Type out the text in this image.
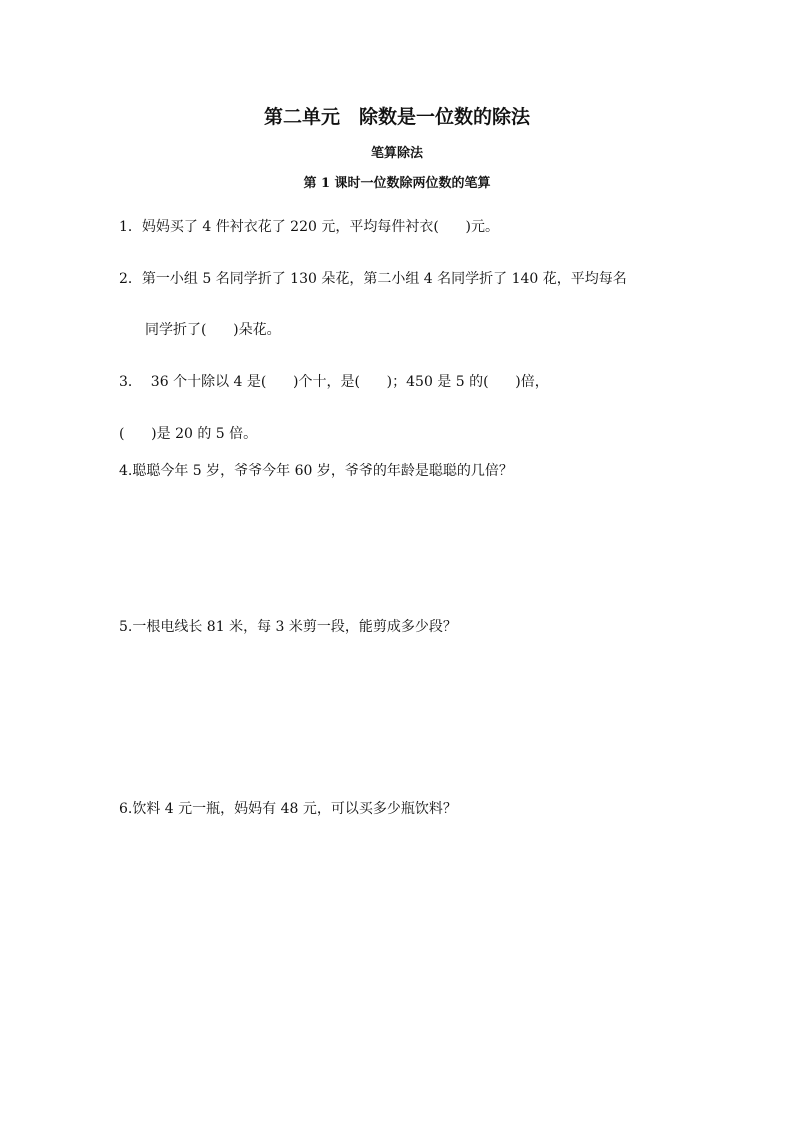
第二单元　除数是一位数的除法
笔算除法
第 1 课时一位数除两位数的笔算
1．妈妈买了 4 件衬衣花了 220 元，平均每件衬衣(      )元。
2．第一小组 5 名同学折了 130 朵花，第二小组 4 名同学折了 140 花，平均每名
同学折了(      )朵花。
3．  36 个十除以 4 是(      )个十，是(      )；450 是 5 的(      )倍，
(      )是 20 的 5 倍。
4.聪聪今年 5 岁，爷爷今年 60 岁，爷爷的年龄是聪聪的几倍？
5.一根电线长 81 米，每 3 米剪一段，能剪成多少段？
6.饮料 4 元一瓶，妈妈有 48 元，可以买多少瓶饮料？
